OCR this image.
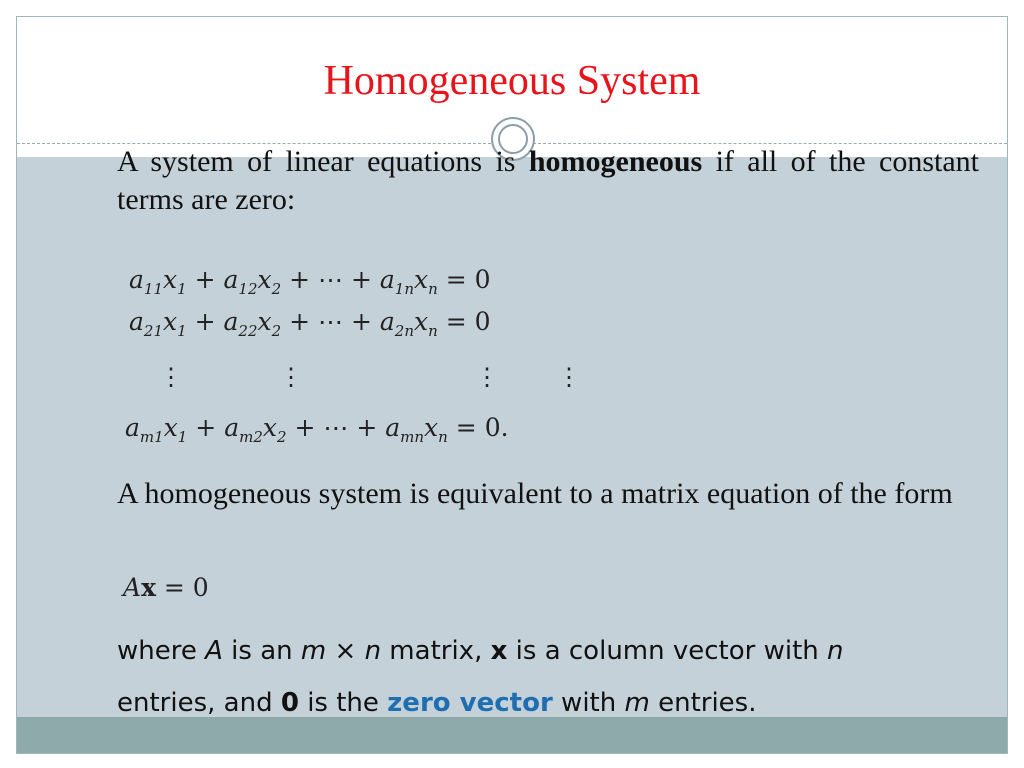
Homogeneous System
A system of linear equations is homogeneous if all of the constant terms are zero:
$a_{11}x_1 + a_{12}x_2$ + ⋯ + $a_{1n}x_n = 0$
$a_{21}x_1 + a_{22}x_2$ + ⋯ + $a_{2n}x_n = 0$
⋮	⋮	⋮ ⋮
$a_{m1}x_1 + a_{m2}x_2$ + ⋯ + $a_{mn}x_n = 0$.
A homogeneous system is equivalent to a matrix equation of the form
Ax = 0
where A is an m × n matrix, x is a column vector with n
entries, and 0 is the zero vector with m entries.
